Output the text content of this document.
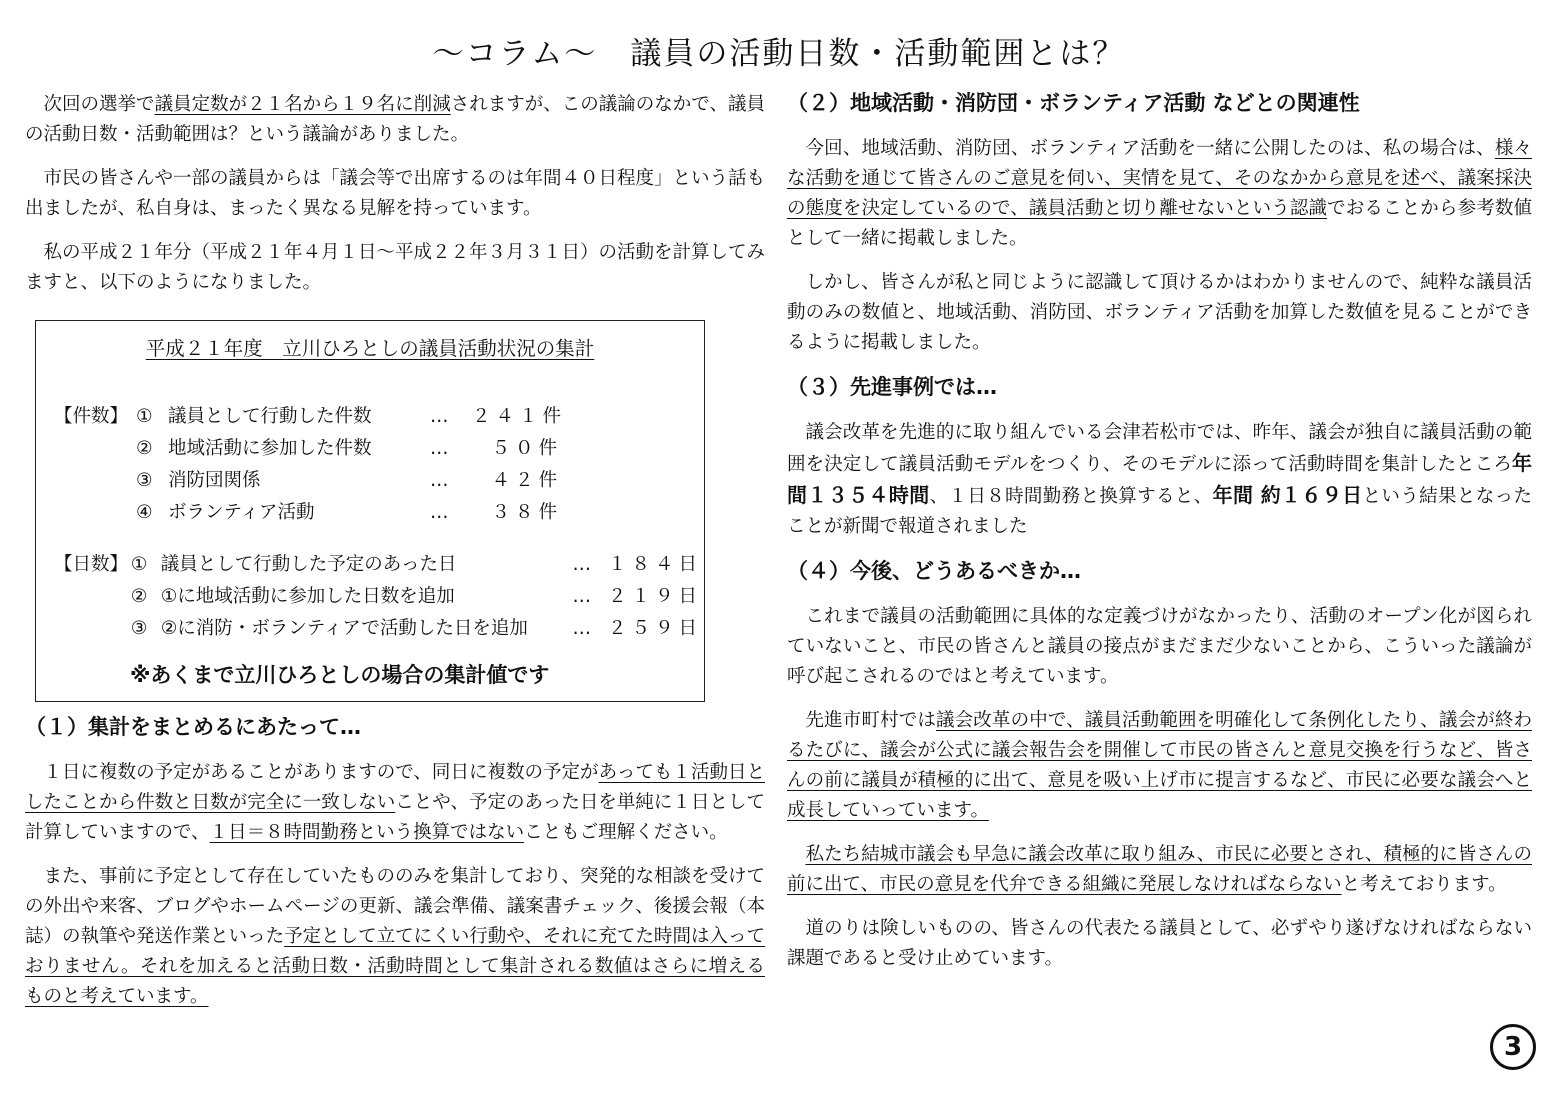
～コラム～　議員の活動日数・活動範囲とは？

次回の選挙で議員定数が２１名から１９名に削減されますが、この議論のなかで、議員の活動日数・活動範囲は？という議論がありました。

市民の皆さんや一部の議員からは「議会等で出席するのは年間４０日程度」という話も出ましたが、私自身は、まったく異なる見解を持っています。

私の平成２１年分（平成２１年４月１日～平成２２年３月３１日）の活動を計算してみますと、以下のようになりました。

平成２１年度　立川ひろとしの議員活動状況の集計
【件数】 ① 議員として行動した件数	…	２４１件
② 地域活動に参加した件数	…	５０件
③ 消防団関係	…	４２件
④ ボランティア活動	…	３８件
【日数】 ① 議員として行動した予定のあった日	… １８４日
② ①に地域活動に参加した日数を追加	… ２１９日
③ ②に消防・ボランティアで活動した日を追加	… ２５９日
※あくまで立川ひろとしの場合の集計値です
（１）集計をまとめるにあたって…

１日に複数の予定があることがありますので、同日に複数の予定があっても１活動日としたことから件数と日数が完全に一致しないことや、予定のあった日を単純に１日として計算していますので、１日＝８時間勤務という換算ではないこともご理解ください。

また、事前に予定として存在していたもののみを集計しており、突発的な相談を受けての外出や来客、ブログやホームページの更新、議会準備、議案書チェック、後援会報（本誌）の執筆や発送作業といった予定として立てにくい行動や、それに充てた時間は入っておりません。それを加えると活動日数・活動時間として集計される数値はさらに増えるものと考えています。

（２）地域活動・消防団・ボランティア活動 などとの関連性

今回、地域活動、消防団、ボランティア活動を一緒に公開したのは、私の場合は、様々な活動を通じて皆さんのご意見を伺い、実情を見て、そのなかから意見を述べ、議案採決の態度を決定しているので、議員活動と切り離せないという認識でおることから参考数値として一緒に掲載しました。

しかし、皆さんが私と同じように認識して頂けるかはわかりませんので、純粋な議員活動のみの数値と、地域活動、消防団、ボランティア活動を加算した数値を見ることができるように掲載しました。

（３）先進事例では…

議会改革を先進的に取り組んでいる会津若松市では、昨年、議会が独自に議員活動の範囲を決定して議員活動モデルをつくり、そのモデルに添って活動時間を集計したところ年間１３５４時間、１日８時間勤務と換算すると、年間 約１６９日という結果となったことが新聞で報道されました

（４）今後、どうあるべきか…

これまで議員の活動範囲に具体的な定義づけがなかったり、活動のオープン化が図られていないこと、市民の皆さんと議員の接点がまだまだ少ないことから、こういった議論が呼び起こされるのではと考えています。

先進市町村では議会改革の中で、議員活動範囲を明確化して条例化したり、議会が終わるたびに、議会が公式に議会報告会を開催して市民の皆さんと意見交換を行うなど、皆さんの前に議員が積極的に出て、意見を吸い上げ市に提言するなど、市民に必要な議会へと成長していっています。

私たち結城市議会も早急に議会改革に取り組み、市民に必要とされ、積極的に皆さんの前に出て、市民の意見を代弁できる組織に発展しなければならないと考えております。

道のりは険しいものの、皆さんの代表たる議員として、必ずやり遂げなければならない課題であると受け止めています。

3
